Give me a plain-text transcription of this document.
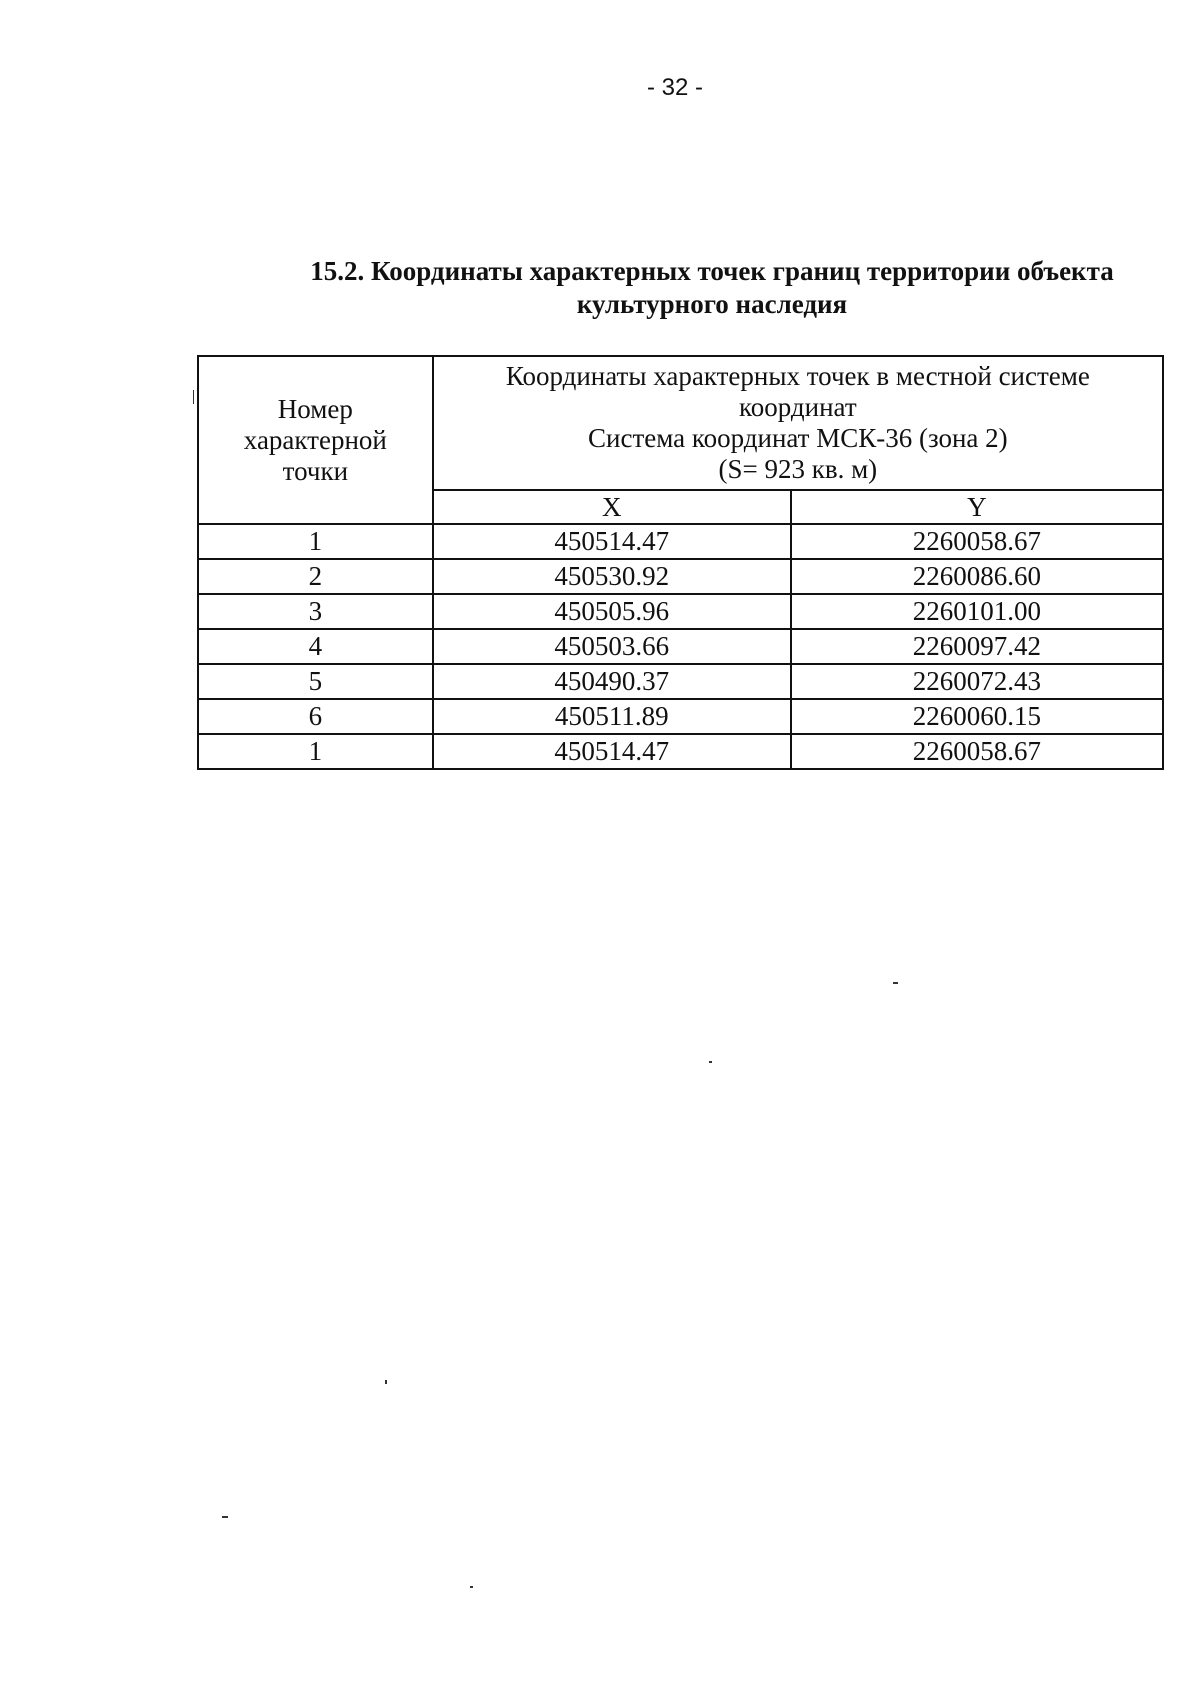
- 32 -
15.2. Координаты характерных точек границ территории объекта
культурного наследия
Номер
характерной
точки	Координаты характерных точек в местной системе
координат
Система координат МСК-36 (зона 2)
(S= 923 кв. м)	

	X	Y
1	450514.47	2260058.67
2	450530.92	2260086.60
3	450505.96	2260101.00
4	450503.66	2260097.42
5	450490.37	2260072.43
6	450511.89	2260060.15
1	450514.47	2260058.67
